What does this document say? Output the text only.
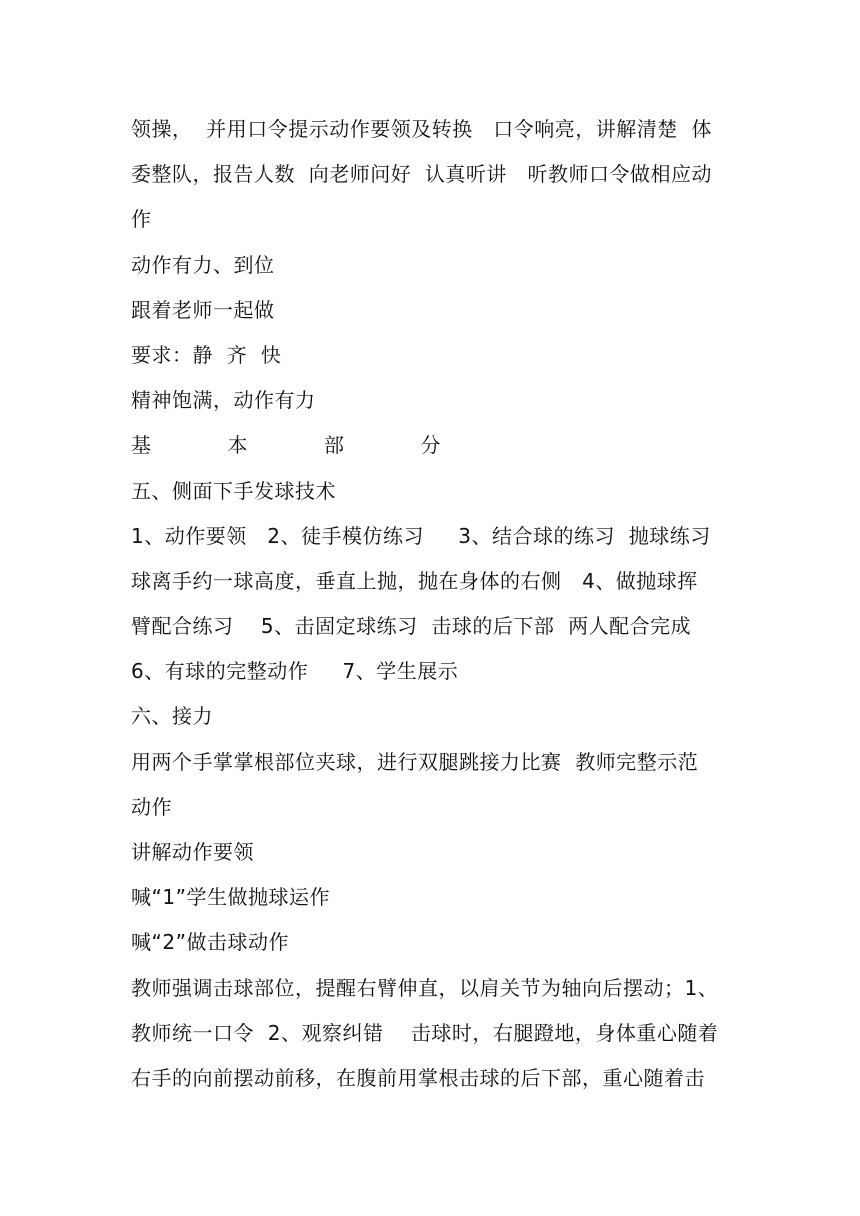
领操，  并用口令提示动作要领及转换   口令响亮，讲解清楚  体
委整队，报告人数  向老师问好  认真听讲   听教师口令做相应动
作
动作有力、到位
跟着老师一起做
要求：静  齐  快
精神饱满，动作有力
基	本	部	分
五、侧面下手发球技术
1、动作要领   2、徒手模仿练习     3、结合球的练习  抛球练习
球离手约一球高度，垂直上抛，抛在身体的右侧   4、做抛球挥
臂配合练习    5、击固定球练习  击球的后下部  两人配合完成
6、有球的完整动作     7、学生展示
六、接力
用两个手掌掌根部位夹球，进行双腿跳接力比赛  教师完整示范
动作
讲解动作要领
喊“1”学生做抛球运作
喊“2”做击球动作
教师强调击球部位，提醒右臂伸直，以肩关节为轴向后摆动；1、
教师统一口令  2、观察纠错    击球时，右腿蹬地，身体重心随着
右手的向前摆动前移，在腹前用掌根击球的后下部，重心随着击
